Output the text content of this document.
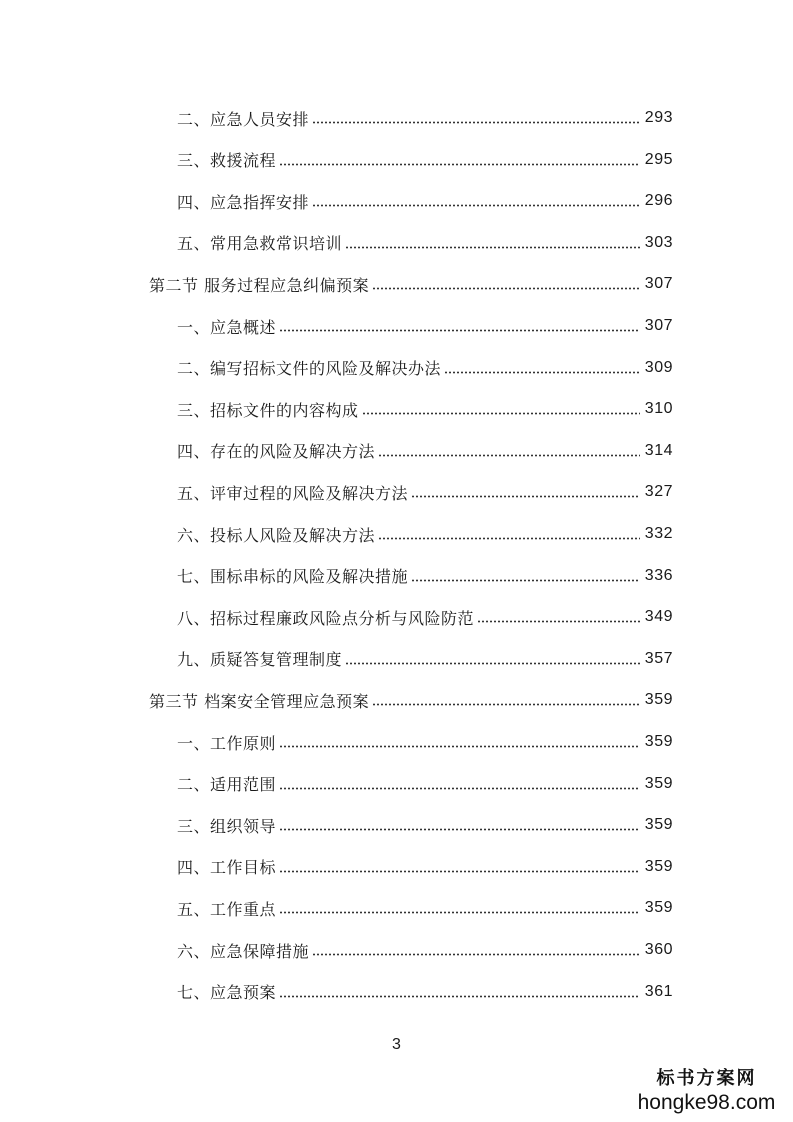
二、应急人员安排	293
三、救援流程	295
四、应急指挥安排	296
五、常用急救常识培训	303
第二节 服务过程应急纠偏预案	307
一、应急概述	307
二、编写招标文件的风险及解决办法	309
三、招标文件的内容构成	310
四、存在的风险及解决方法	314
五、评审过程的风险及解决方法	327
六、投标人风险及解决方法	332
七、围标串标的风险及解决措施	336
八、招标过程廉政风险点分析与风险防范	349
九、质疑答复管理制度	357
第三节 档案安全管理应急预案	359
一、工作原则	359
二、适用范围	359
三、组织领导	359
四、工作目标	359
五、工作重点	359
六、应急保障措施	360
七、应急预案	361
3
标书方案网
hongke98.com
